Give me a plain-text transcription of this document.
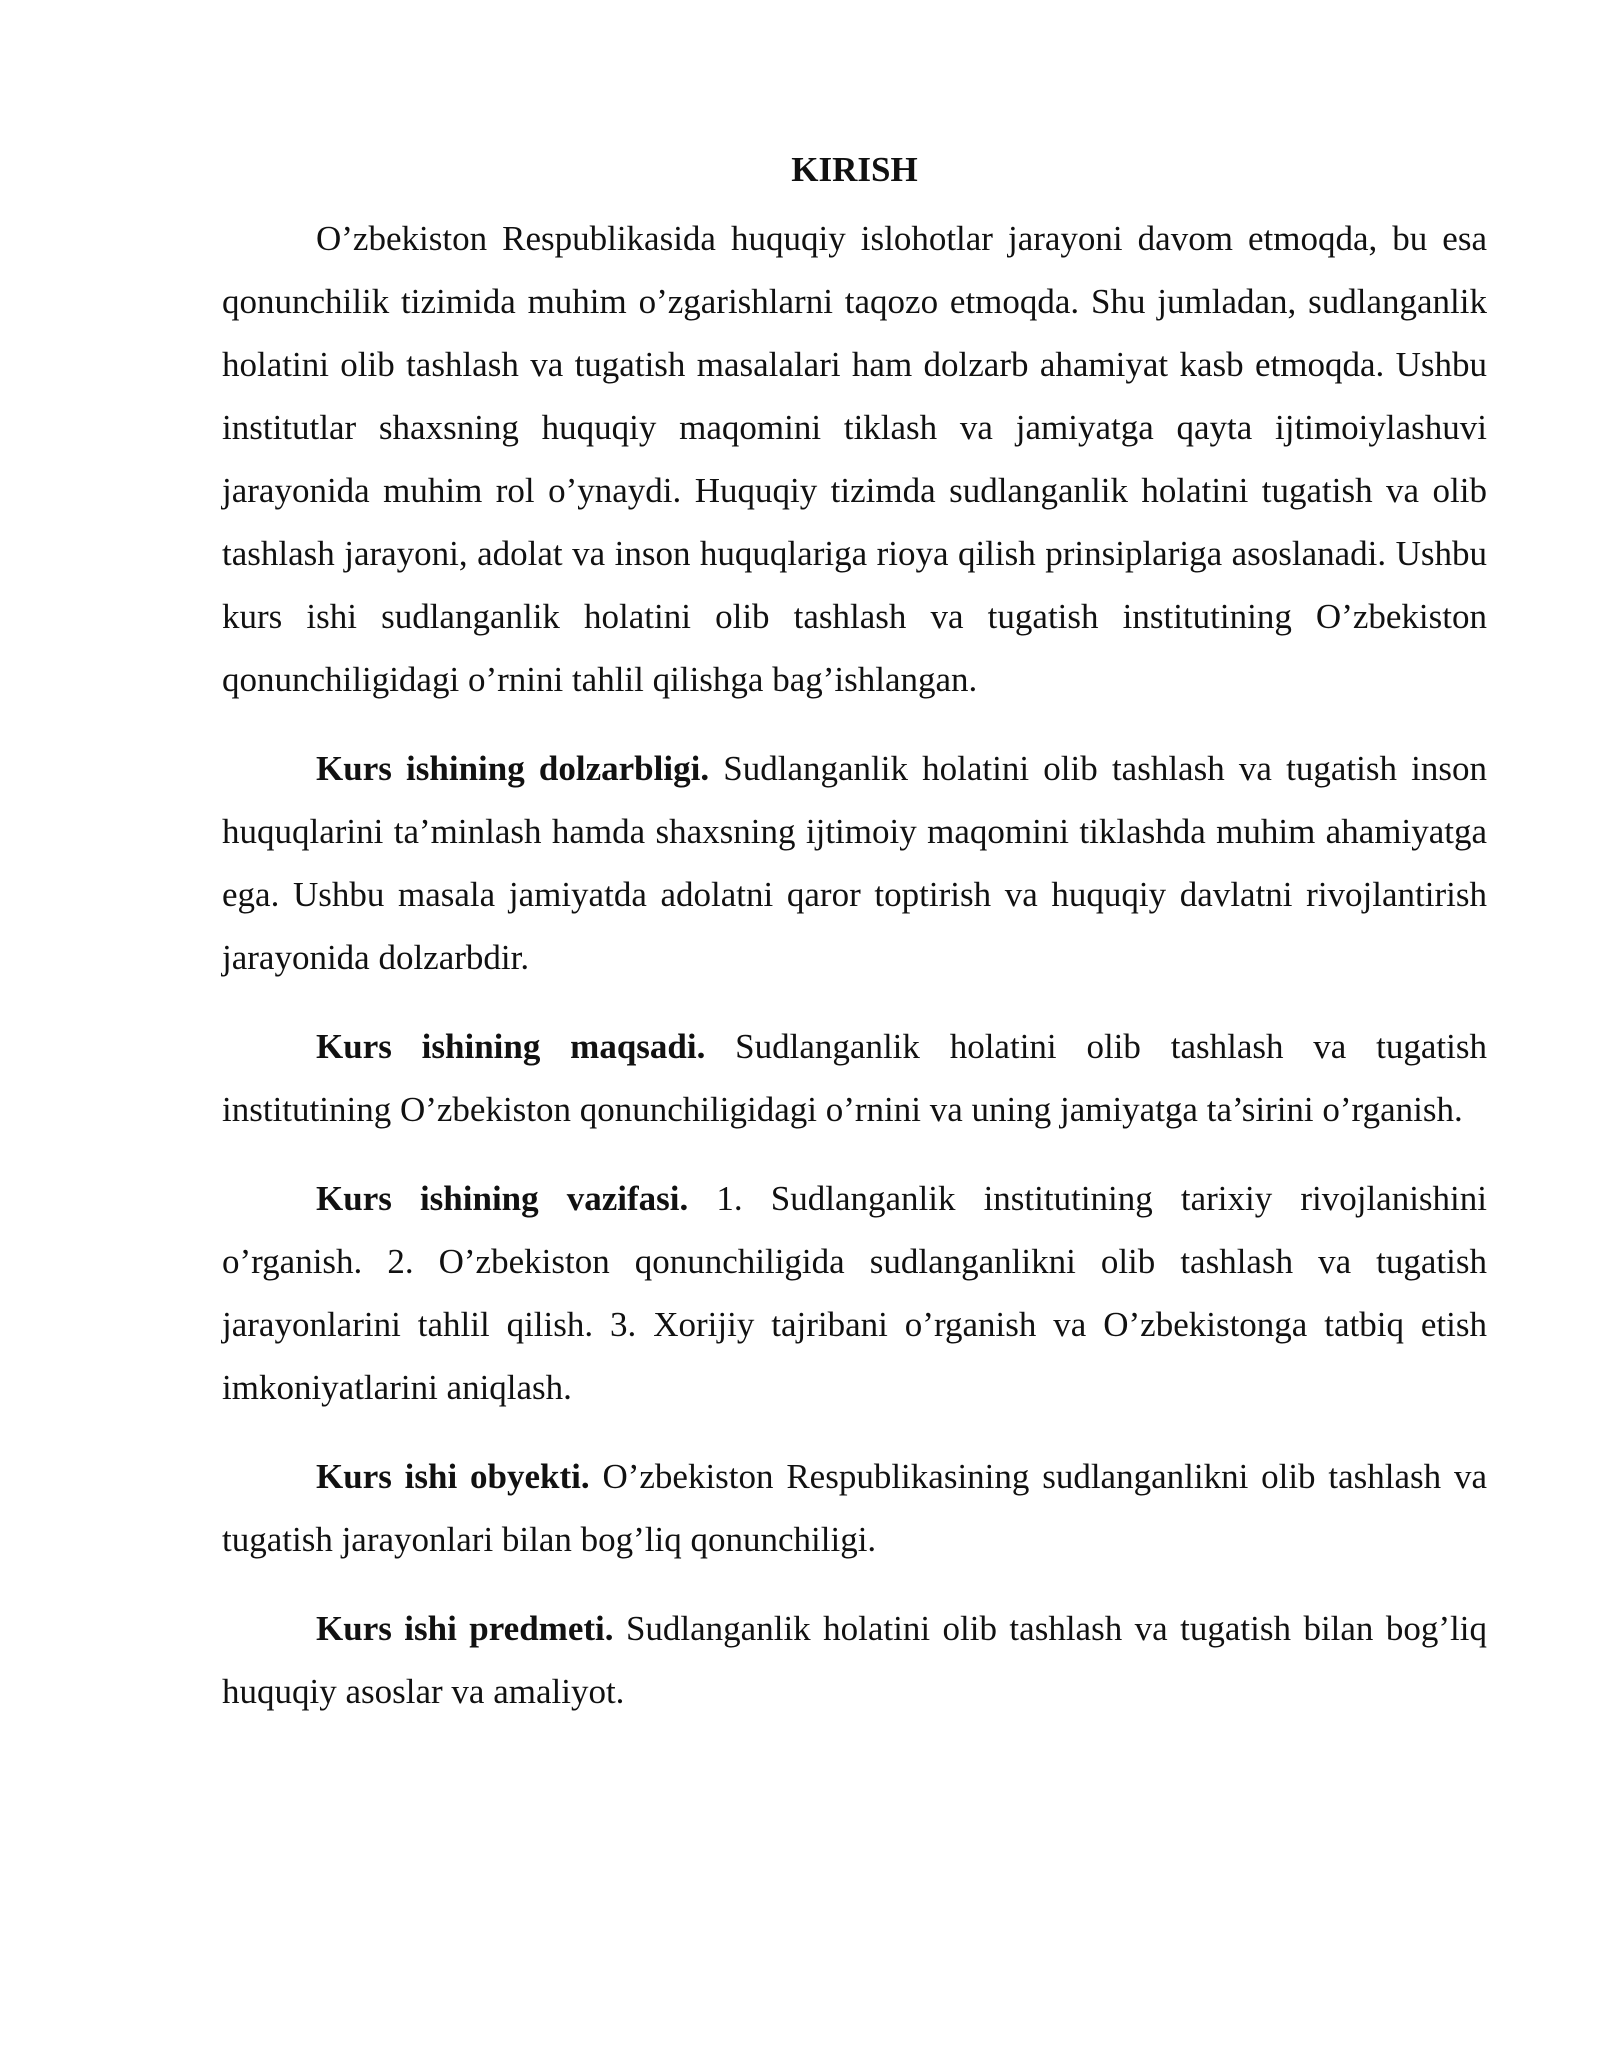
KIRISH

O’zbekiston Respublikasida huquqiy islohotlar jarayoni davom etmoqda, bu esa qonunchilik tizimida muhim o’zgarishlarni taqozo etmoqda. Shu jumladan, sudlanganlik holatini olib tashlash va tugatish masalalari ham dolzarb ahamiyat kasb etmoqda. Ushbu institutlar shaxsning huquqiy maqomini tiklash va jamiyatga qayta ijtimoiylashuvi jarayonida muhim rol o’ynaydi. Huquqiy tizimda sudlanganlik holatini tugatish va olib tashlash jarayoni, adolat va inson huquqlariga rioya qilish prinsiplariga asoslanadi. Ushbu kurs ishi sudlanganlik holatini olib tashlash va tugatish institutining O’zbekiston qonunchiligidagi o’rnini tahlil qilishga bag’ishlangan.

Kurs ishining dolzarbligi. Sudlanganlik holatini olib tashlash va tugatish inson huquqlarini ta’minlash hamda shaxsning ijtimoiy maqomini tiklashda muhim ahamiyatga ega. Ushbu masala jamiyatda adolatni qaror toptirish va huquqiy davlatni rivojlantirish jarayonida dolzarbdir.

Kurs ishining maqsadi. Sudlanganlik holatini olib tashlash va tugatish institutining O’zbekiston qonunchiligidagi o’rnini va uning jamiyatga ta’sirini o’rganish.

Kurs ishining vazifasi. 1. Sudlanganlik institutining tarixiy rivojlanishini o’rganish. 2. O’zbekiston qonunchiligida sudlanganlikni olib tashlash va tugatish jarayonlarini tahlil qilish. 3. Xorijiy tajribani o’rganish va O’zbekistonga tatbiq etish imkoniyatlarini aniqlash.

Kurs ishi obyekti. O’zbekiston Respublikasining sudlanganlikni olib tashlash va tugatish jarayonlari bilan bog’liq qonunchiligi.

Kurs ishi predmeti. Sudlanganlik holatini olib tashlash va tugatish bilan bog’liq huquqiy asoslar va amaliyot.
